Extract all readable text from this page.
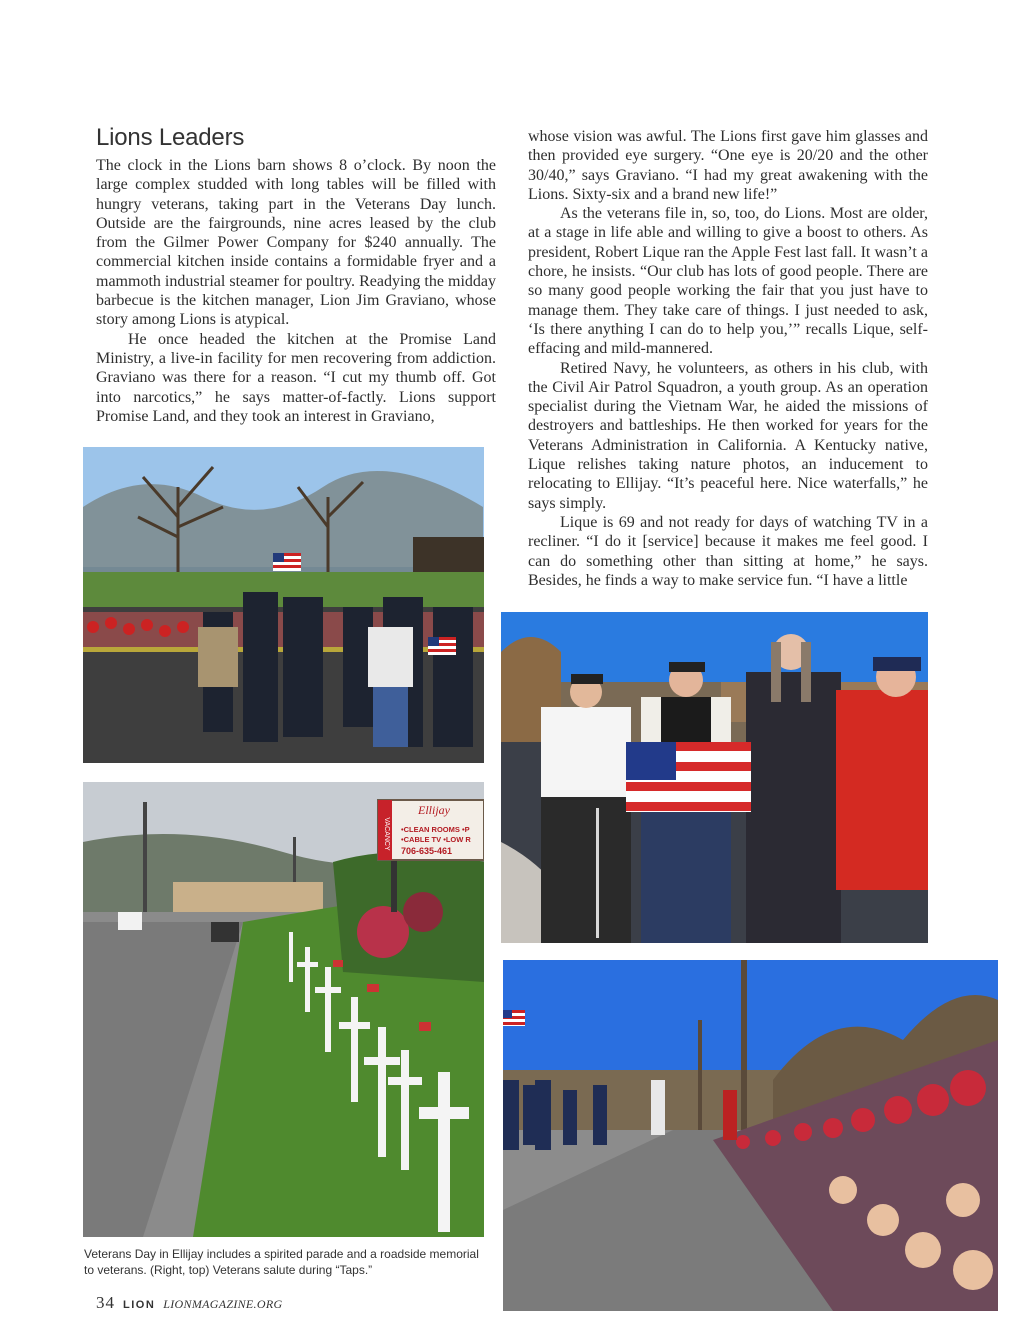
Lions Leaders

The clock in the Lions barn shows 8 o’clock. By noon the large complex studded with long tables will be filled with hungry veterans, taking part in the Veterans Day lunch. Outside are the fairgrounds, nine acres leased by the club from the Gilmer Power Company for $240 annually. The commercial kitchen inside contains a formidable fryer and a mammoth industrial steamer for poultry. Readying the midday barbecue is the kitchen manager, Lion Jim Graviano, whose story among Lions is atypical.

He once headed the kitchen at the Promise Land Ministry, a live-in facility for men recovering from addiction. Graviano was there for a reason. “I cut my thumb off. Got into narcotics,” he says matter-of-factly. Lions support Promise Land, and they took an interest in Graviano,

whose vision was awful. The Lions first gave him glasses and then provided eye surgery. “One eye is 20/20 and the other 30/40,” says Graviano. “I had my great awakening with the Lions. Sixty-six and a brand new life!”

As the veterans file in, so, too, do Lions. Most are older, at a stage in life able and willing to give a boost to others. As president, Robert Lique ran the Apple Fest last fall. It wasn’t a chore, he insists. “Our club has lots of good people. There are so many good people working the fair that you just have to manage them. They take care of things. I just needed to ask, ‘Is there anything I can do to help you,’” recalls Lique, self-effacing and mild-mannered.

Retired Navy, he volunteers, as others in his club, with the Civil Air Patrol Squadron, a youth group. As an operation specialist during the Vietnam War, he aided the missions of destroyers and battleships. He then worked for years for the Veterans Administration in California. A Kentucky native, Lique relishes taking nature photos, an inducement to relocating to Ellijay. “It’s peaceful here. Nice waterfalls,” he says simply.

Lique is 69 and not ready for days of watching TV in a recliner. “I do it [service] because it makes me feel good. I can do something other than sitting at home,” he says. Besides, he finds a way to make service fun. “I have a little

VACANCY
Ellijay
•CLEAN ROOMS •P
•CABLE TV •LOW R
706-635-461
Veterans Day in Ellijay includes a spirited parade and a roadside memorial to veterans. (Right, top) Veterans salute during “Taps.”
34 LION LIONMAGAZINE.ORG
